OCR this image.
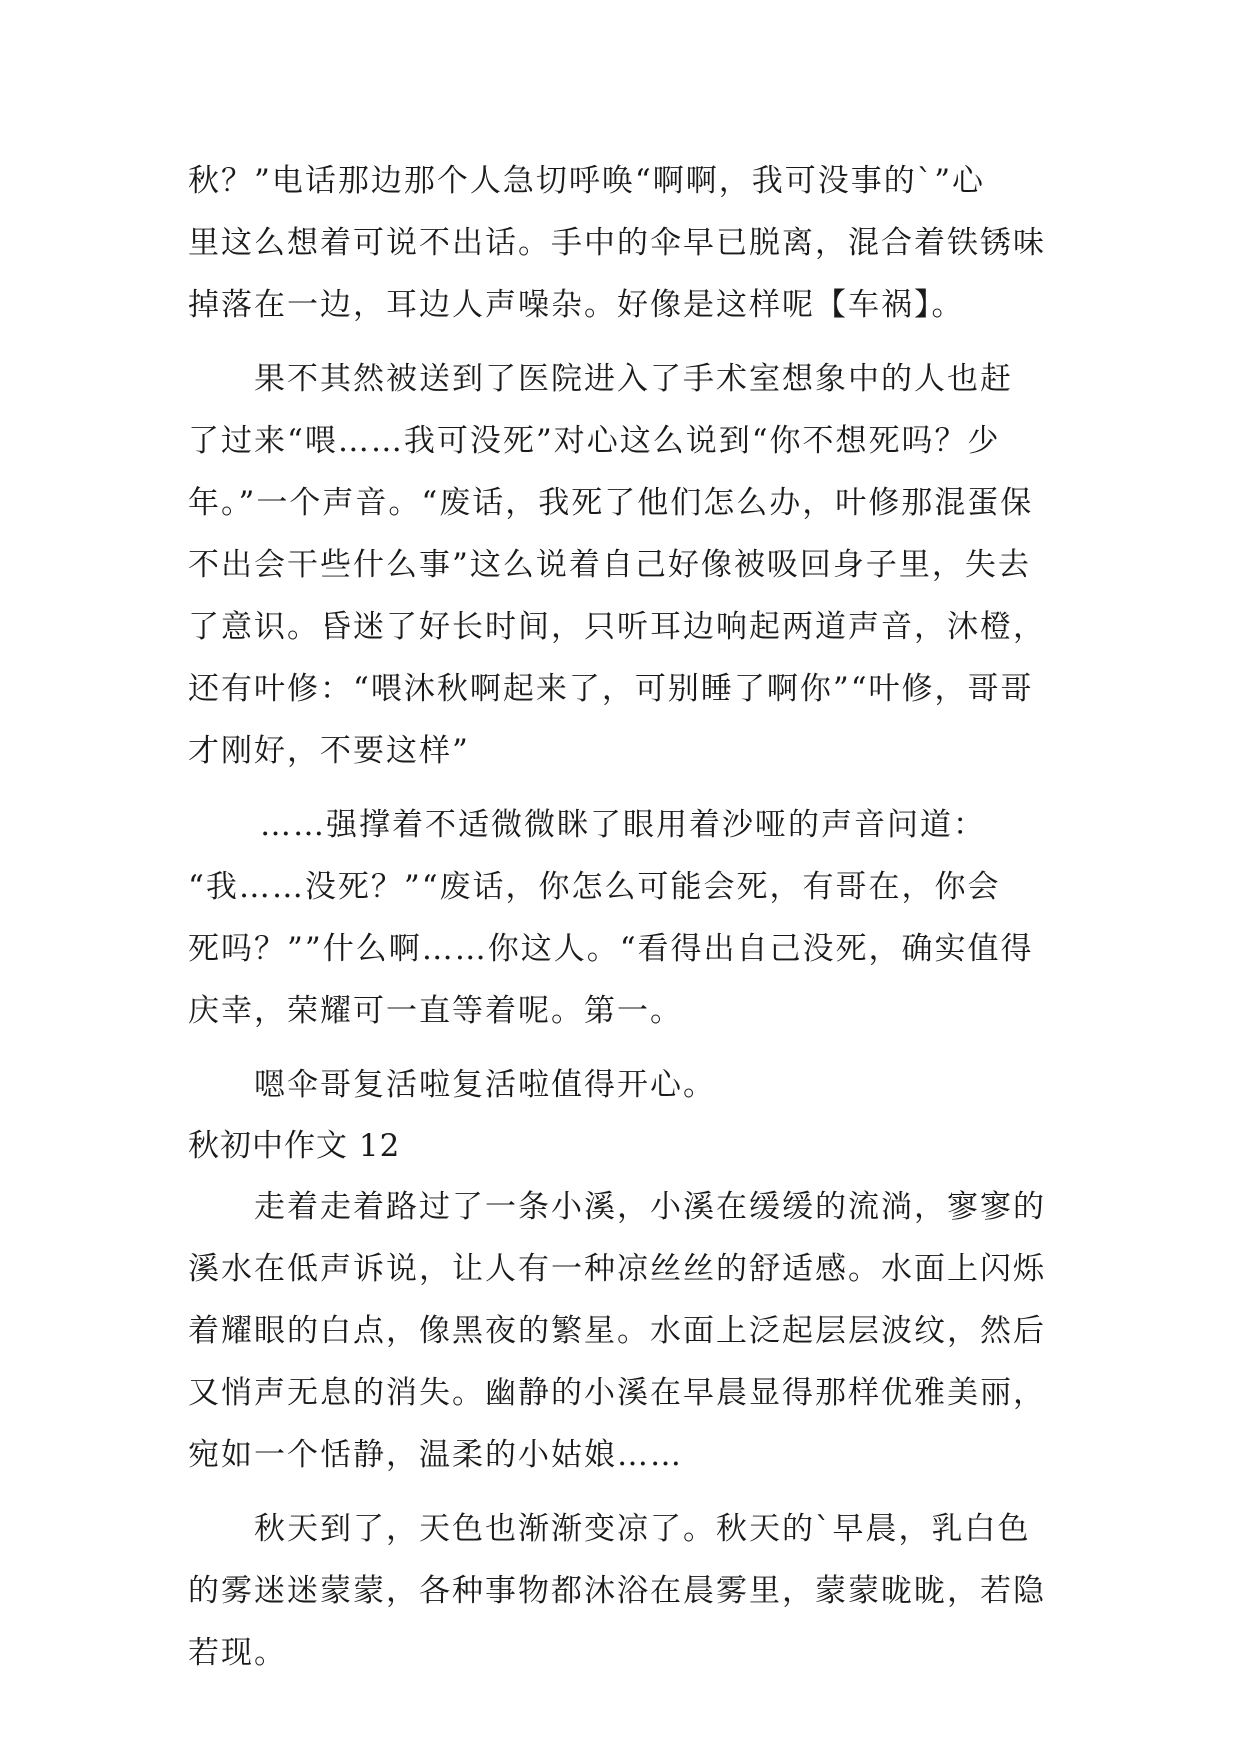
秋？”电话那边那个人急切呼唤“啊啊，我可没事的`”心
里这么想着可说不出话。手中的伞早已脱离，混合着铁锈味
掉落在一边，耳边人声噪杂。好像是这样呢【车祸】。
果不其然被送到了医院进入了手术室想象中的人也赶
了过来“喂……我可没死”对心这么说到“你不想死吗？少
年。”一个声音。“废话，我死了他们怎么办，叶修那混蛋保
不出会干些什么事”这么说着自己好像被吸回身子里，失去
了意识。昏迷了好长时间，只听耳边响起两道声音，沐橙，
还有叶修：“喂沐秋啊起来了，可别睡了啊你”“叶修，哥哥
才刚好，不要这样”
……强撑着不适微微眯了眼用着沙哑的声音问道：
“我……没死？”“废话，你怎么可能会死，有哥在，你会
死吗？””什么啊……你这人。“看得出自己没死，确实值得
庆幸，荣耀可一直等着呢。第一。
嗯伞哥复活啦复活啦值得开心。
秋初中作文 12
走着走着路过了一条小溪，小溪在缓缓的流淌，寥寥的
溪水在低声诉说，让人有一种凉丝丝的舒适感。水面上闪烁
着耀眼的白点，像黑夜的繁星。水面上泛起层层波纹，然后
又悄声无息的消失。幽静的小溪在早晨显得那样优雅美丽，
宛如一个恬静，温柔的小姑娘……
秋天到了，天色也渐渐变凉了。秋天的`早晨，乳白色
的雾迷迷蒙蒙，各种事物都沐浴在晨雾里，蒙蒙昽昽，若隐
若现。
